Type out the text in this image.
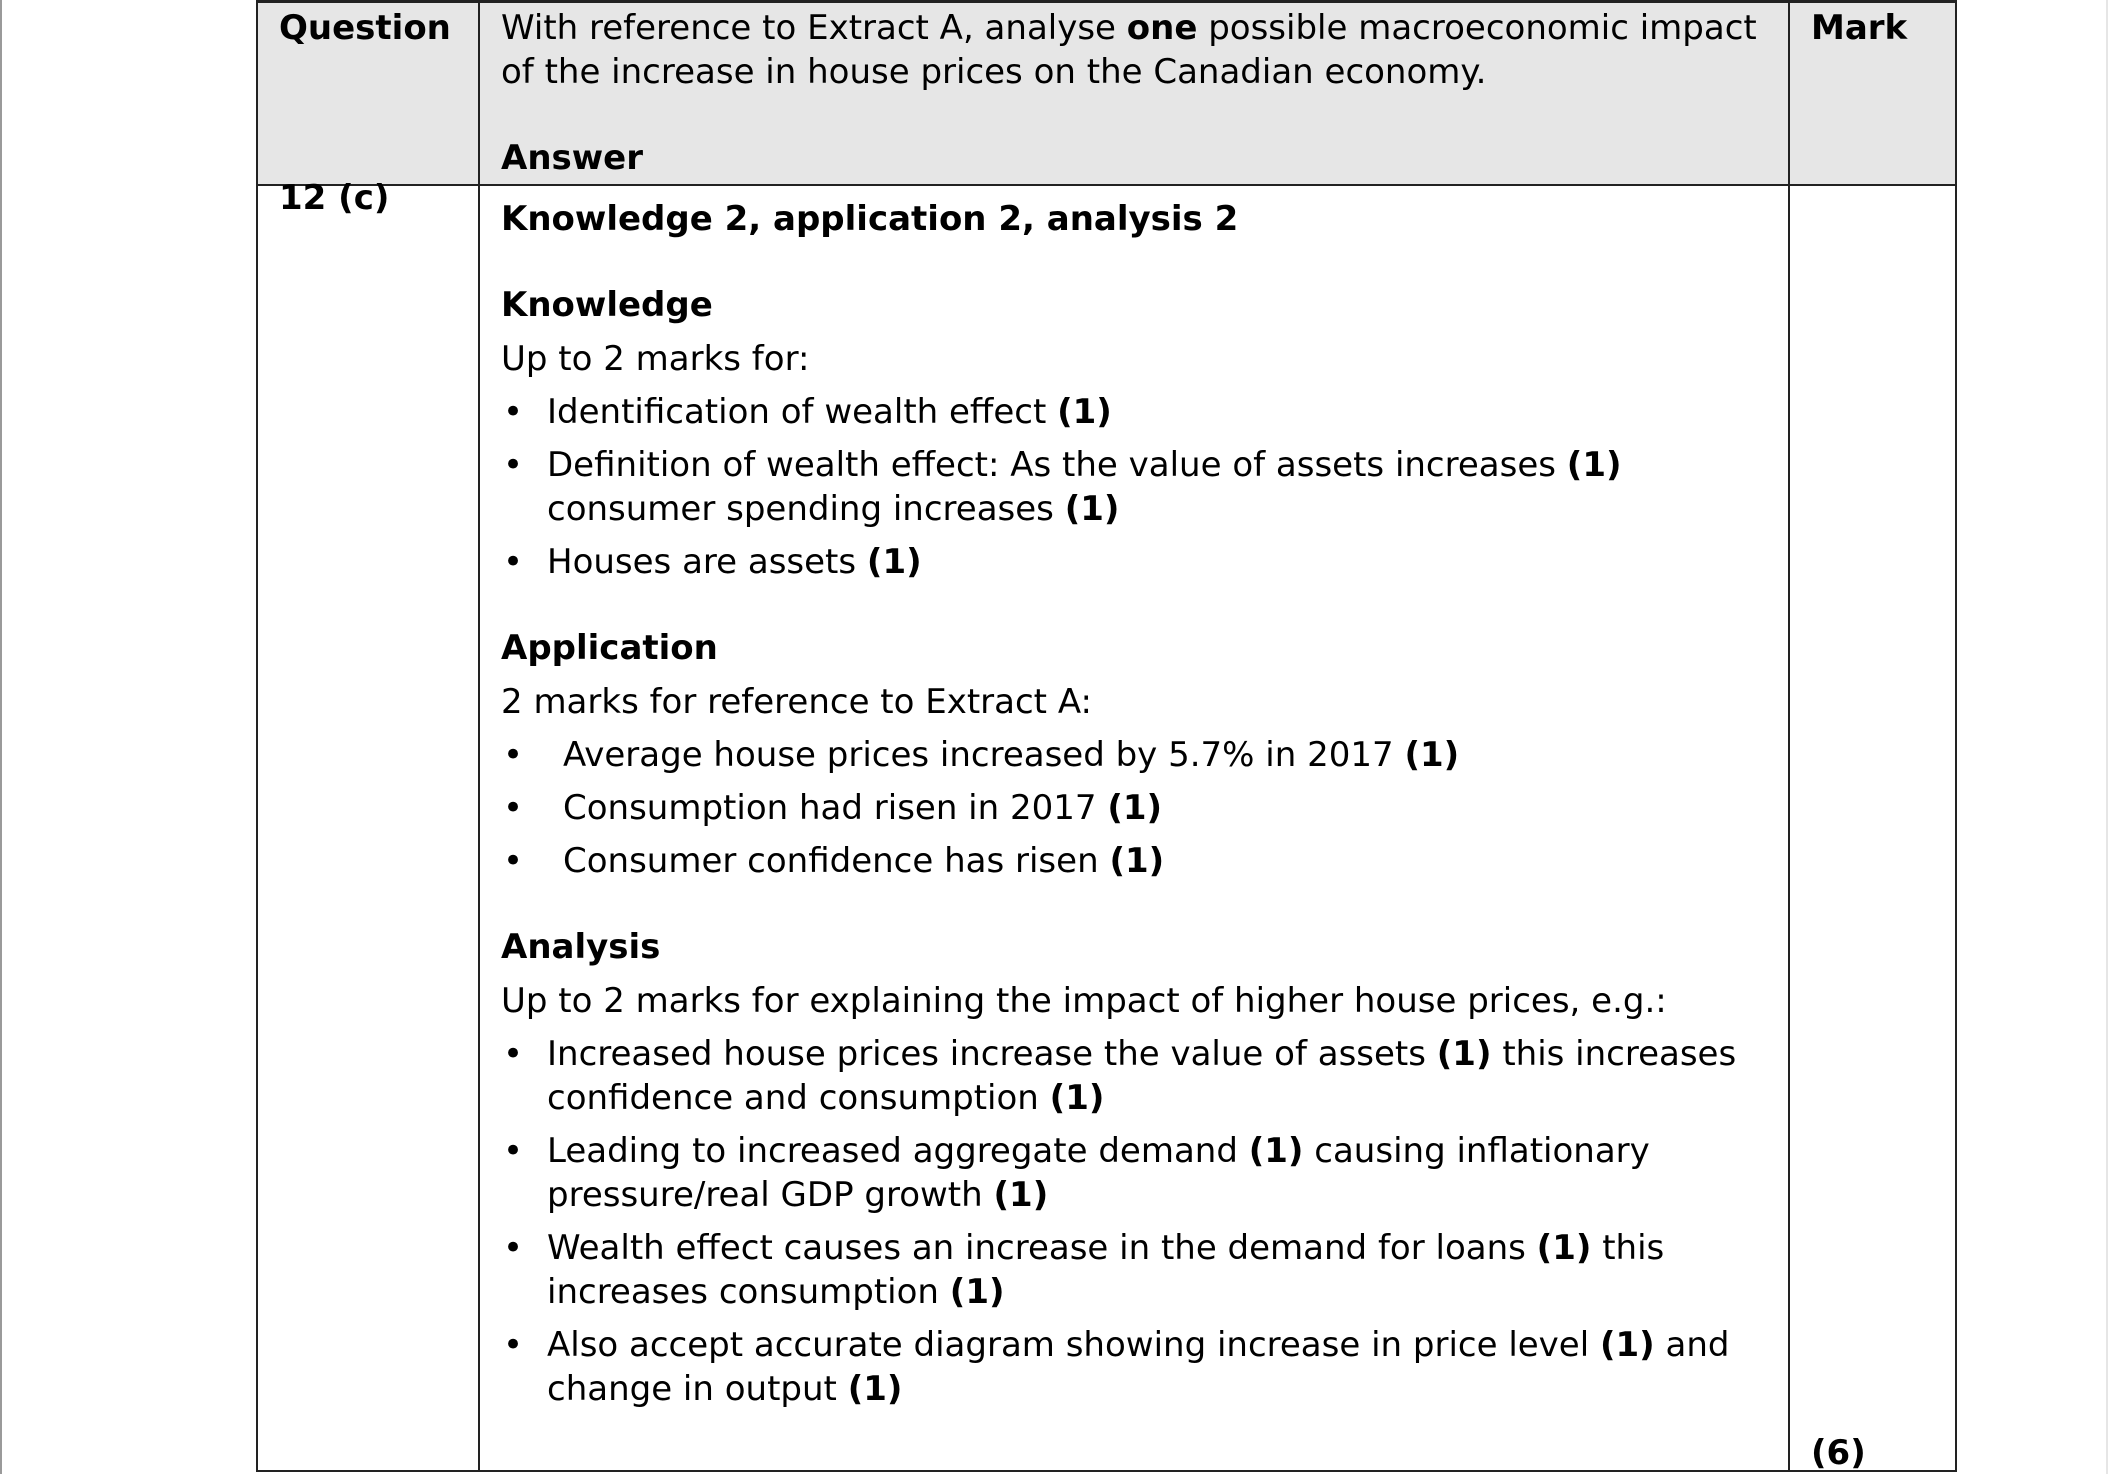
Question With reference to Extract A, analyse one possible macroeconomic impact of the increase in house prices on the Canadian economy.
Answer
Mark
12 (c)
Knowledge 2, application 2, analysis 2
Knowledge
Up to 2 marks for:
• Identification of wealth effect (1)
• Definition of wealth effect: As the value of assets increases (1) consumer spending increases (1)
• Houses are assets (1)
Application
2 marks for reference to Extract A:
• Average house prices increased by 5.7% in 2017 (1)
• Consumption had risen in 2017 (1)
• Consumer confidence has risen (1)
Analysis
Up to 2 marks for explaining the impact of higher house prices, e.g.:
• Increased house prices increase the value of assets (1) this increases confidence and consumption (1)
• Leading to increased aggregate demand (1) causing inflationary pressure/real GDP growth (1)
• Wealth effect causes an increase in the demand for loans (1) this increases consumption (1)
• Also accept accurate diagram showing increase in price level (1) and change in output (1)
(6)
